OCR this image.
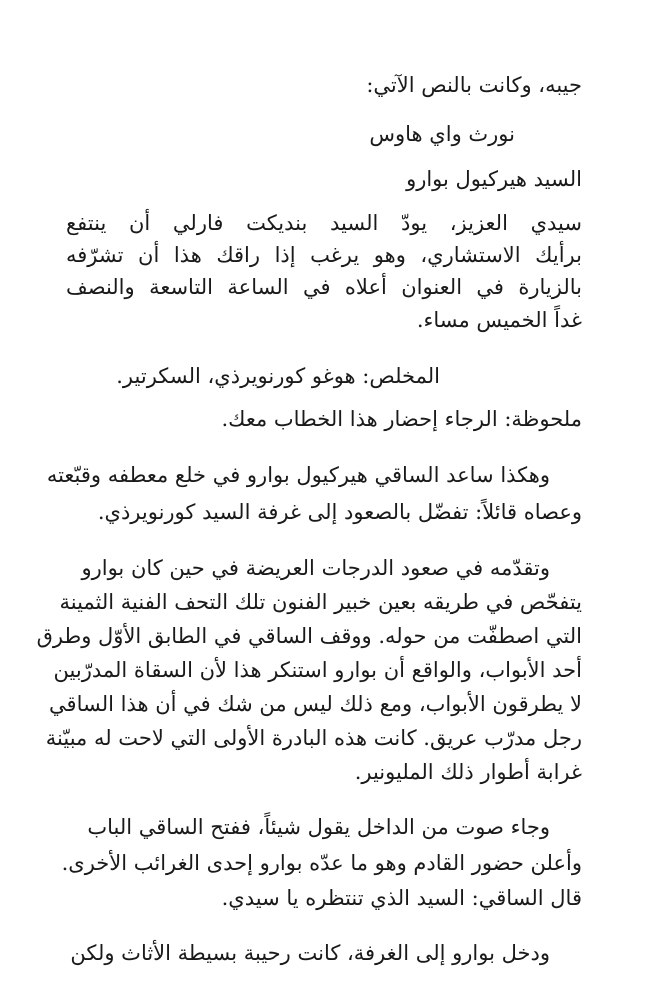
جيبه، وكانت بالنص الآتي:
نورث واي هاوس
السيد هيركيول بوارو
سيدي العزيز، يودّ السيد بنديكت فارلي أن ينتفع
برأيك الاستشاري، وهو يرغب إذا راقك هذا أن تشرّفه
بالزيارة في العنوان أعلاه في الساعة التاسعة والنصف
غداً الخميس مساء.
المخلص: هوغو كورنويرذي، السكرتير.
ملحوظة: الرجاء إحضار هذا الخطاب معك.
وهكذا ساعد الساقي هيركيول بوارو في خلع معطفه وقبّعته
وعصاه قائلاً: تفضّل بالصعود إلى غرفة السيد كورنويرذي.
وتقدّمه في صعود الدرجات العريضة في حين كان بوارو
يتفحّص في طريقه بعين خبير الفنون تلك التحف الفنية الثمينة
التي اصطفّت من حوله. ووقف الساقي في الطابق الأوّل وطرق
أحد الأبواب، والواقع أن بوارو استنكر هذا لأن السقاة المدرّبين
لا يطرقون الأبواب، ومع ذلك ليس من شك في أن هذا الساقي
رجل مدرّب عريق. كانت هذه البادرة الأولى التي لاحت له مبيّنة
غرابة أطوار ذلك المليونير.
وجاء صوت من الداخل يقول شيئاً، ففتح الساقي الباب
وأعلن حضور القادم وهو ما عدّه بوارو إحدى الغرائب الأخرى.
قال الساقي: السيد الذي تنتظره يا سيدي.
ودخل بوارو إلى الغرفة، كانت رحيبة بسيطة الأثاث ولكن
